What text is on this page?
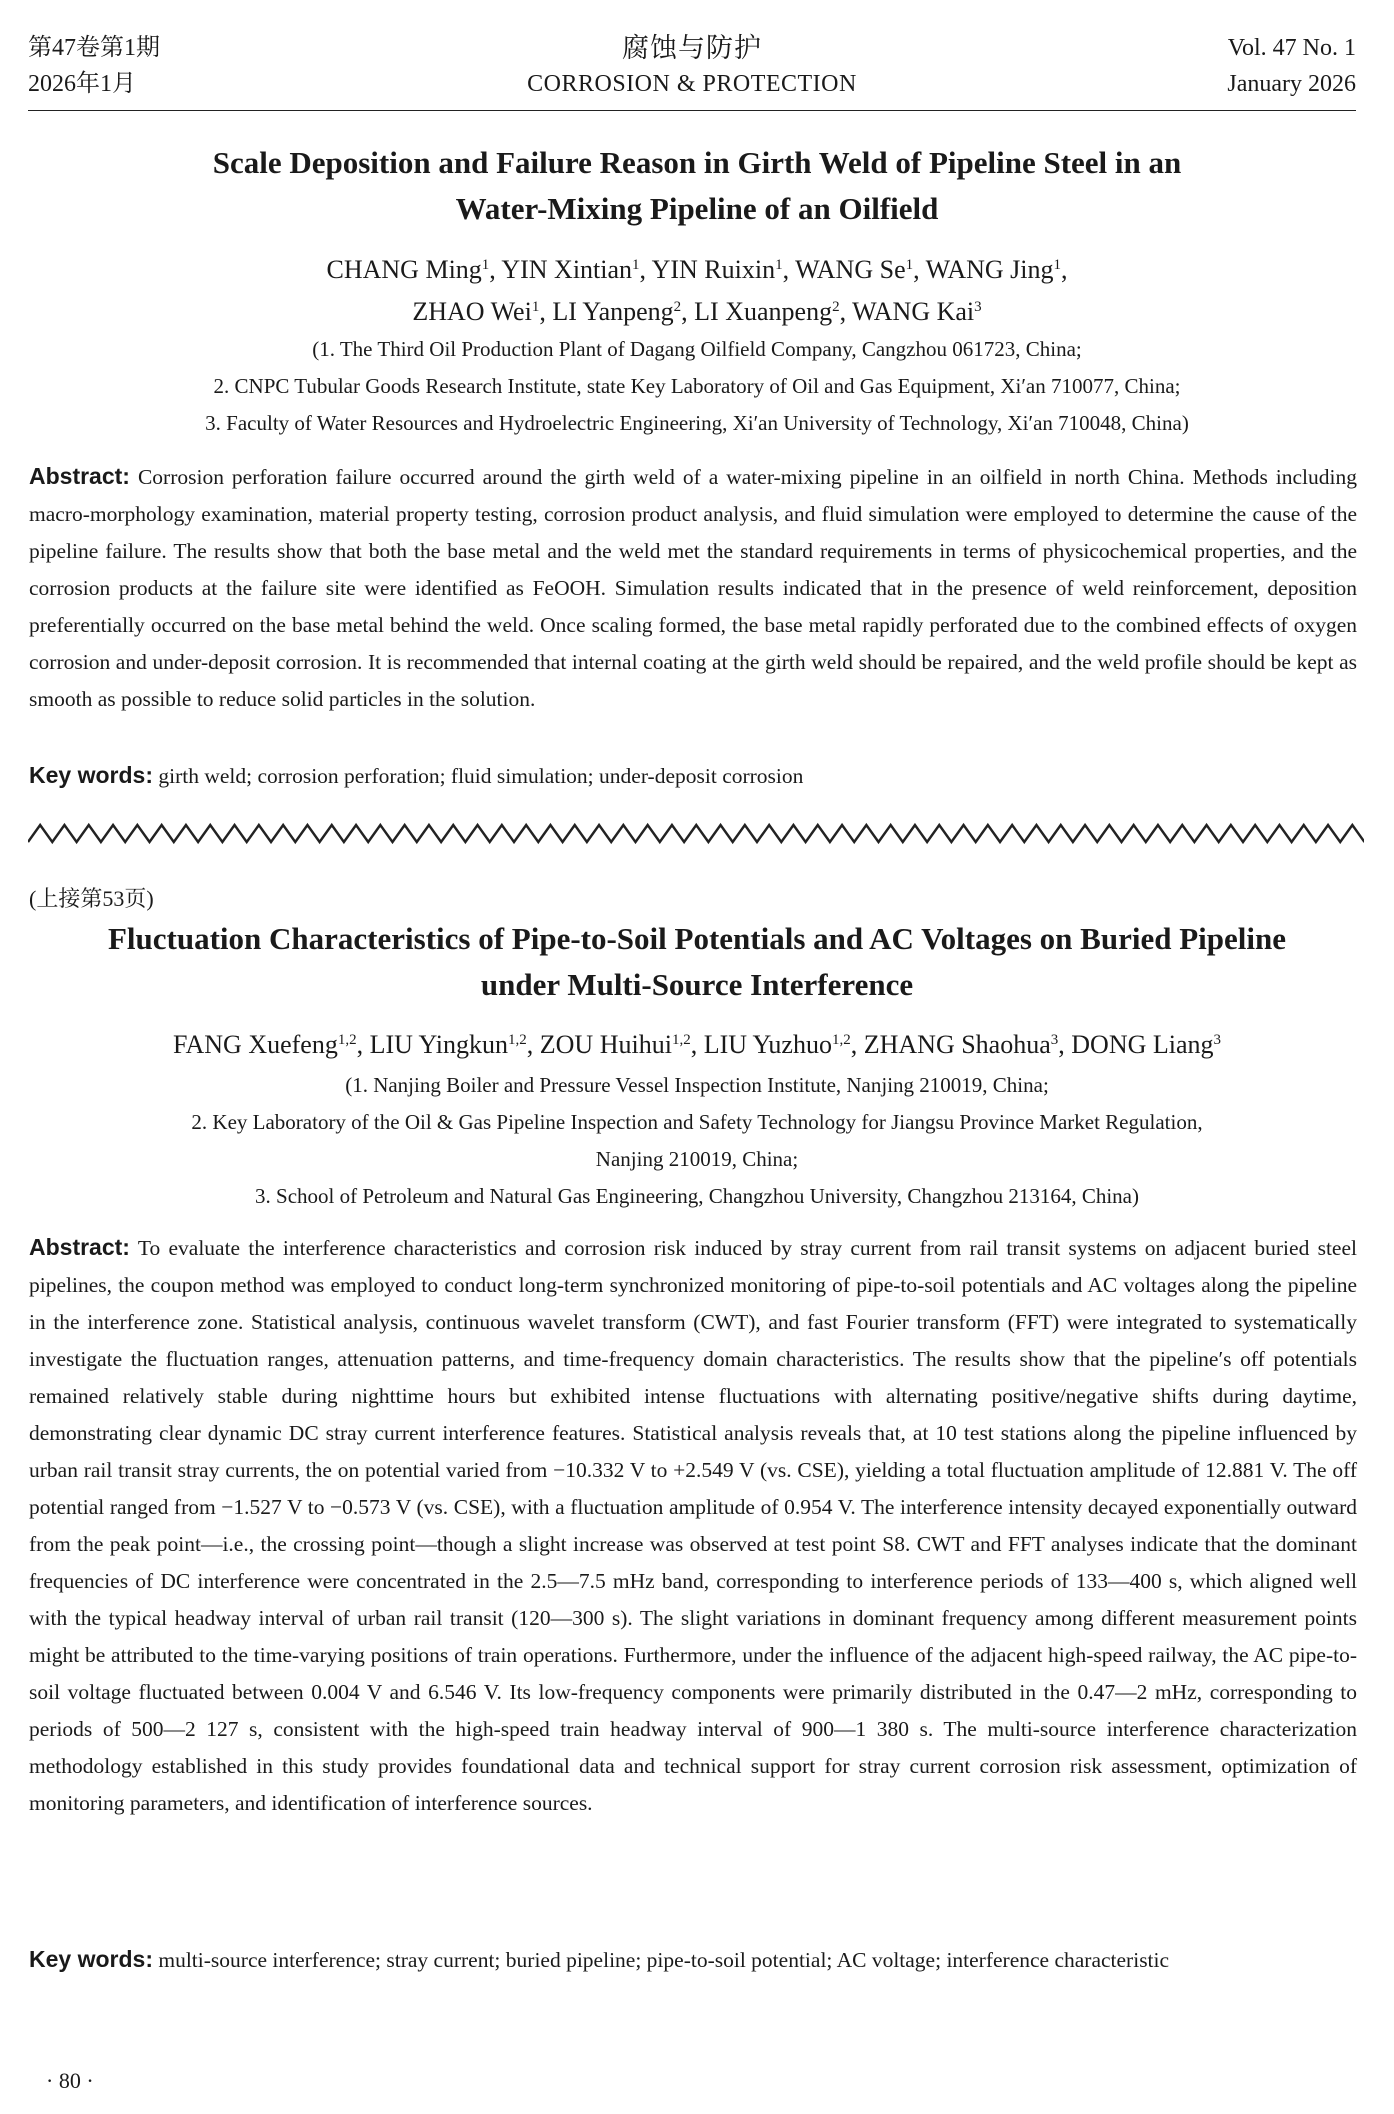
第47卷第1期
2026年1月
腐蚀与防护
CORROSION & PROTECTION
Vol. 47 No. 1
January 2026
Scale Deposition and Failure Reason in Girth Weld of Pipeline Steel in an
Water-Mixing Pipeline of an Oilfield
CHANG Ming$^1$, YIN Xintian$^1$, YIN Ruixin$^1$, WANG Se$^1$, WANG Jing$^1$,
ZHAO Wei$^1$, LI Yanpeng$^2$, LI Xuanpeng$^2$, WANG Kai$^3$
(1. The Third Oil Production Plant of Dagang Oilfield Company, Cangzhou 061723, China;
2. CNPC Tubular Goods Research Institute, state Key Laboratory of Oil and Gas Equipment, Xi′an 710077, China;
3. Faculty of Water Resources and Hydroelectric Engineering, Xi′an University of Technology, Xi′an 710048, China)
Abstract: Corrosion perforation failure occurred around the girth weld of a water-mixing pipeline in an oilfield in north China. Methods including macro-morphology examination, material property testing, corrosion product analysis, and fluid simulation were employed to determine the cause of the pipeline failure. The results show that both the base metal and the weld met the standard requirements in terms of physicochemical properties, and the corrosion products at the failure site were identified as FeOOH. Simulation results indicated that in the presence of weld reinforcement, deposition preferentially occurred on the base metal behind the weld. Once scaling formed, the base metal rapidly perforated due to the combined effects of oxygen corrosion and under-deposit corrosion. It is recommended that internal coating at the girth weld should be repaired, and the weld profile should be kept as smooth as possible to reduce solid particles in the solution.
Key words: girth weld; corrosion perforation; fluid simulation; under-deposit corrosion
(上接第53页)
Fluctuation Characteristics of Pipe-to-Soil Potentials and AC Voltages on Buried Pipeline
under Multi-Source Interference
FANG Xuefeng$^{1,2}$, LIU Yingkun$^{1,2}$, ZOU Huihui$^{1,2}$, LIU Yuzhuo$^{1,2}$, ZHANG Shaohua$^3$, DONG Liang$^3$
(1. Nanjing Boiler and Pressure Vessel Inspection Institute, Nanjing 210019, China;
2. Key Laboratory of the Oil & Gas Pipeline Inspection and Safety Technology for Jiangsu Province Market Regulation,
Nanjing 210019, China;
3. School of Petroleum and Natural Gas Engineering, Changzhou University, Changzhou 213164, China)
Abstract: To evaluate the interference characteristics and corrosion risk induced by stray current from rail transit systems on adjacent buried steel pipelines, the coupon method was employed to conduct long-term synchronized monitoring of pipe-to-soil potentials and AC voltages along the pipeline in the interference zone. Statistical analysis, continuous wavelet transform (CWT), and fast Fourier transform (FFT) were integrated to systematically investigate the fluctuation ranges, attenuation patterns, and time-frequency domain characteristics. The results show that the pipeline′s off potentials remained relatively stable during nighttime hours but exhibited intense fluctuations with alternating positive/negative shifts during daytime, demonstrating clear dynamic DC stray current interference features. Statistical analysis reveals that, at 10 test stations along the pipeline influenced by urban rail transit stray currents, the on potential varied from −10.332 V to +2.549 V (vs. CSE), yielding a total fluctuation amplitude of 12.881 V. The off potential ranged from −1.527 V to −0.573 V (vs. CSE), with a fluctuation amplitude of 0.954 V. The interference intensity decayed exponentially outward from the peak point—i.e., the crossing point—though a slight increase was observed at test point S8. CWT and FFT analyses indicate that the dominant frequencies of DC interference were concentrated in the 2.5—7.5 mHz band, corresponding to interference periods of 133—400 s, which aligned well with the typical headway interval of urban rail transit (120—300 s). The slight variations in dominant frequency among different measurement points might be attributed to the time-varying positions of train operations. Furthermore, under the influence of the adjacent high-speed railway, the AC pipe-to-soil voltage fluctuated between 0.004 V and 6.546 V. Its low-frequency components were primarily distributed in the 0.47—2 mHz, corresponding to periods of 500—2 127 s, consistent with the high-speed train headway interval of 900—1 380 s. The multi-source interference characterization methodology established in this study provides foundational data and technical support for stray current corrosion risk assessment, optimization of monitoring parameters, and identification of interference sources.
Key words: multi-source interference; stray current; buried pipeline; pipe-to-soil potential; AC voltage; interference characteristic
· 80 ·
